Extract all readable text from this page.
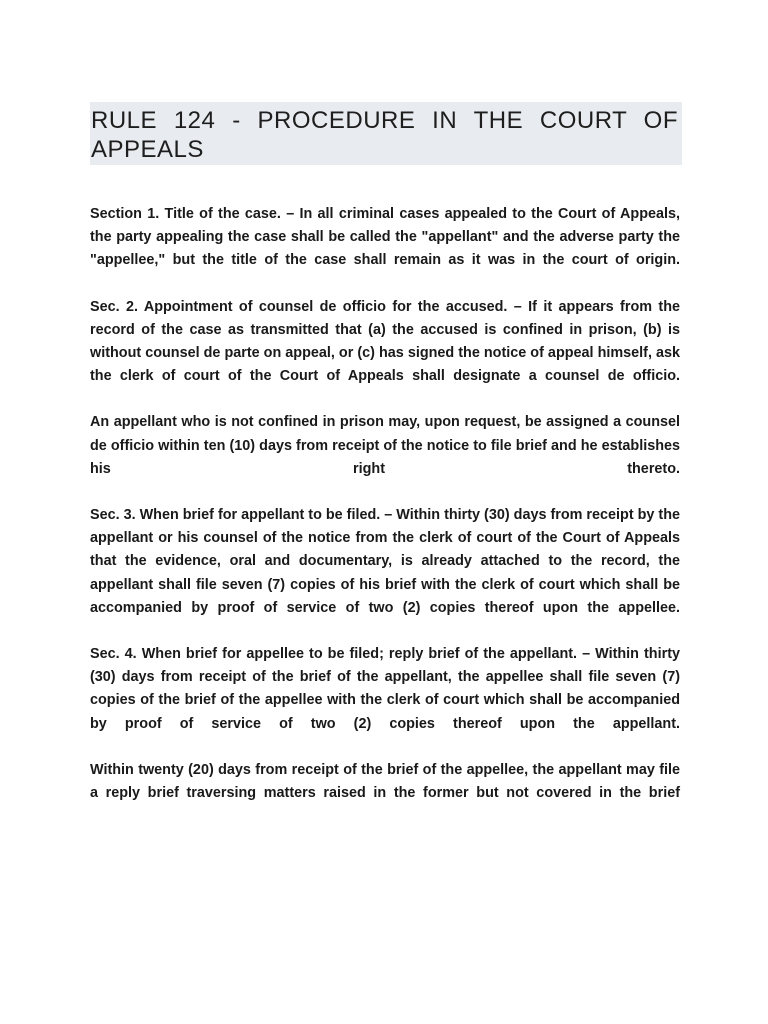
RULE 124 - PROCEDURE IN THE COURT OF APPEALS

Section 1. Title of the case. – In all criminal cases appealed to the Court of Appeals, the party appealing the case shall be called the "appellant" and the adverse party the "appellee," but the title of the case shall remain as it was in the court of origin.

Sec. 2. Appointment of counsel de officio for the accused. – If it appears from the record of the case as transmitted that (a) the accused is confined in prison, (b) is without counsel de parte on appeal, or (c) has signed the notice of appeal himself, ask the clerk of court of the Court of Appeals shall designate a counsel de officio.

An appellant who is not confined in prison may, upon request, be assigned a counsel de officio within ten (10) days from receipt of the notice to file brief and he establishes his right thereto.

Sec. 3. When brief for appellant to be filed. – Within thirty (30) days from receipt by the appellant or his counsel of the notice from the clerk of court of the Court of Appeals that the evidence, oral and documentary, is already attached to the record, the appellant shall file seven (7) copies of his brief with the clerk of court which shall be accompanied by proof of service of two (2) copies thereof upon the appellee.

Sec. 4. When brief for appellee to be filed; reply brief of the appellant. – Within thirty (30) days from receipt of the brief of the appellant, the appellee shall file seven (7) copies of the brief of the appellee with the clerk of court which shall be accompanied by proof of service of two (2) copies thereof upon the appellant.

Within twenty (20) days from receipt of the brief of the appellee, the appellant may file a reply brief traversing matters raised in the former but not covered in the brief
